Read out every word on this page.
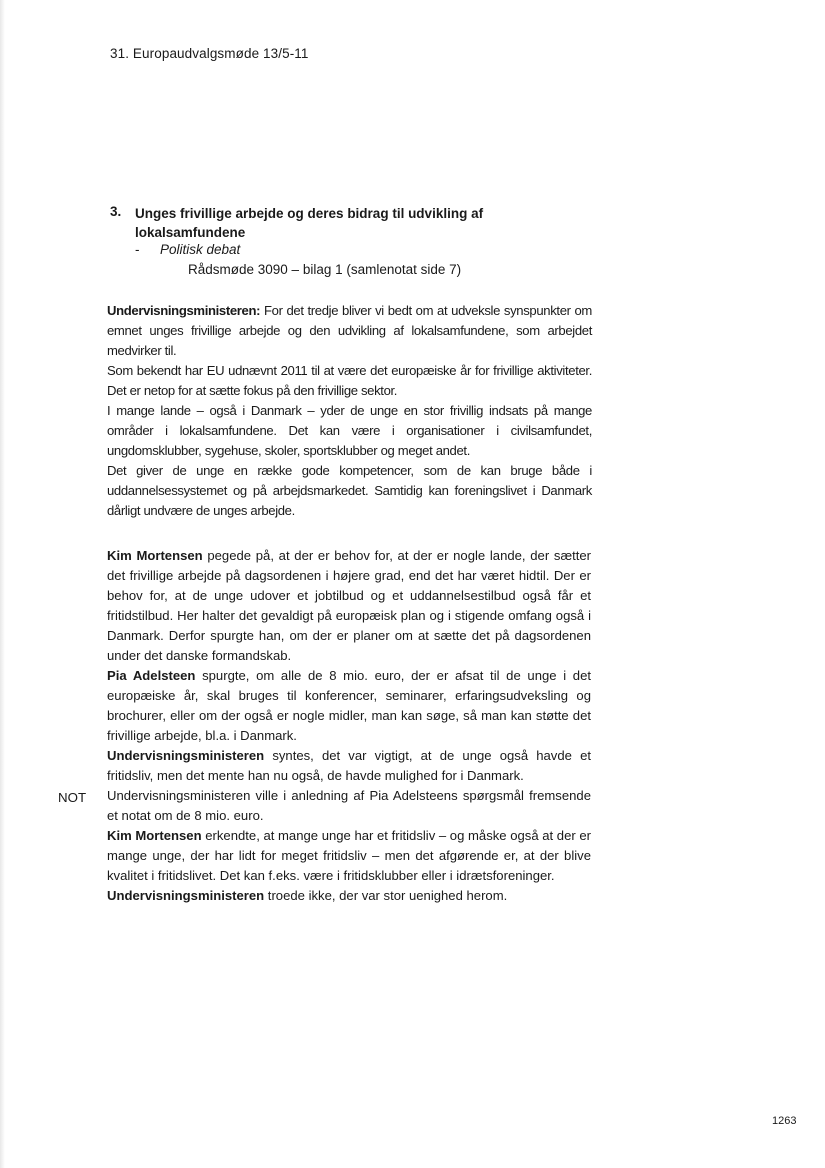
31. Europaudvalgsmøde 13/5-11
3. Unges frivillige arbejde og deres bidrag til udvikling af lokalsamfundene
- Politisk debat
Rådsmøde 3090 – bilag 1 (samlenotat side 7)

Undervisningsministeren: For det tredje bliver vi bedt om at udveksle synspunkter om emnet unges frivillige arbejde og den udvikling af lokalsamfundene, som arbejdet medvirker til.

Som bekendt har EU udnævnt 2011 til at være det europæiske år for frivillige aktiviteter. Det er netop for at sætte fokus på den frivillige sektor.

I mange lande – også i Danmark – yder de unge en stor frivillig indsats på mange områder i lokalsamfundene. Det kan være i organisationer i civilsamfundet, ungdomsklubber, sygehuse, skoler, sportsklubber og meget andet.

Det giver de unge en række gode kompetencer, som de kan bruge både i uddannelsessystemet og på arbejdsmarkedet. Samtidig kan foreningslivet i Danmark dårligt undvære de unges arbejde.

Kim Mortensen pegede på, at der er behov for, at der er nogle lande, der sætter det frivillige arbejde på dagsordenen i højere grad, end det har været hidtil. Der er behov for, at de unge udover et jobtilbud og et uddannelsestilbud også får et fritidstilbud. Her halter det gevaldigt på europæisk plan og i stigende omfang også i Danmark. Derfor spurgte han, om der er planer om at sætte det på dagsordenen under det danske formandskab.

Pia Adelsteen spurgte, om alle de 8 mio. euro, der er afsat til de unge i det europæiske år, skal bruges til konferencer, seminarer, erfaringsudveksling og brochurer, eller om der også er nogle midler, man kan søge, så man kan støtte det frivillige arbejde, bl.a. i Danmark.

Undervisningsministeren syntes, det var vigtigt, at de unge også havde et fritidsliv, men det mente han nu også, de havde mulighed for i Danmark.

Undervisningsministeren ville i anledning af Pia Adelsteens spørgsmål fremsende et notat om de 8 mio. euro.

Kim Mortensen erkendte, at mange unge har et fritidsliv – og måske også at der er mange unge, der har lidt for meget fritidsliv – men det afgørende er, at der blive kvalitet i fritidslivet. Det kan f.eks. være i fritidsklubber eller i idrætsforeninger.

Undervisningsministeren troede ikke, der var stor uenighed herom.

NOT
1263
